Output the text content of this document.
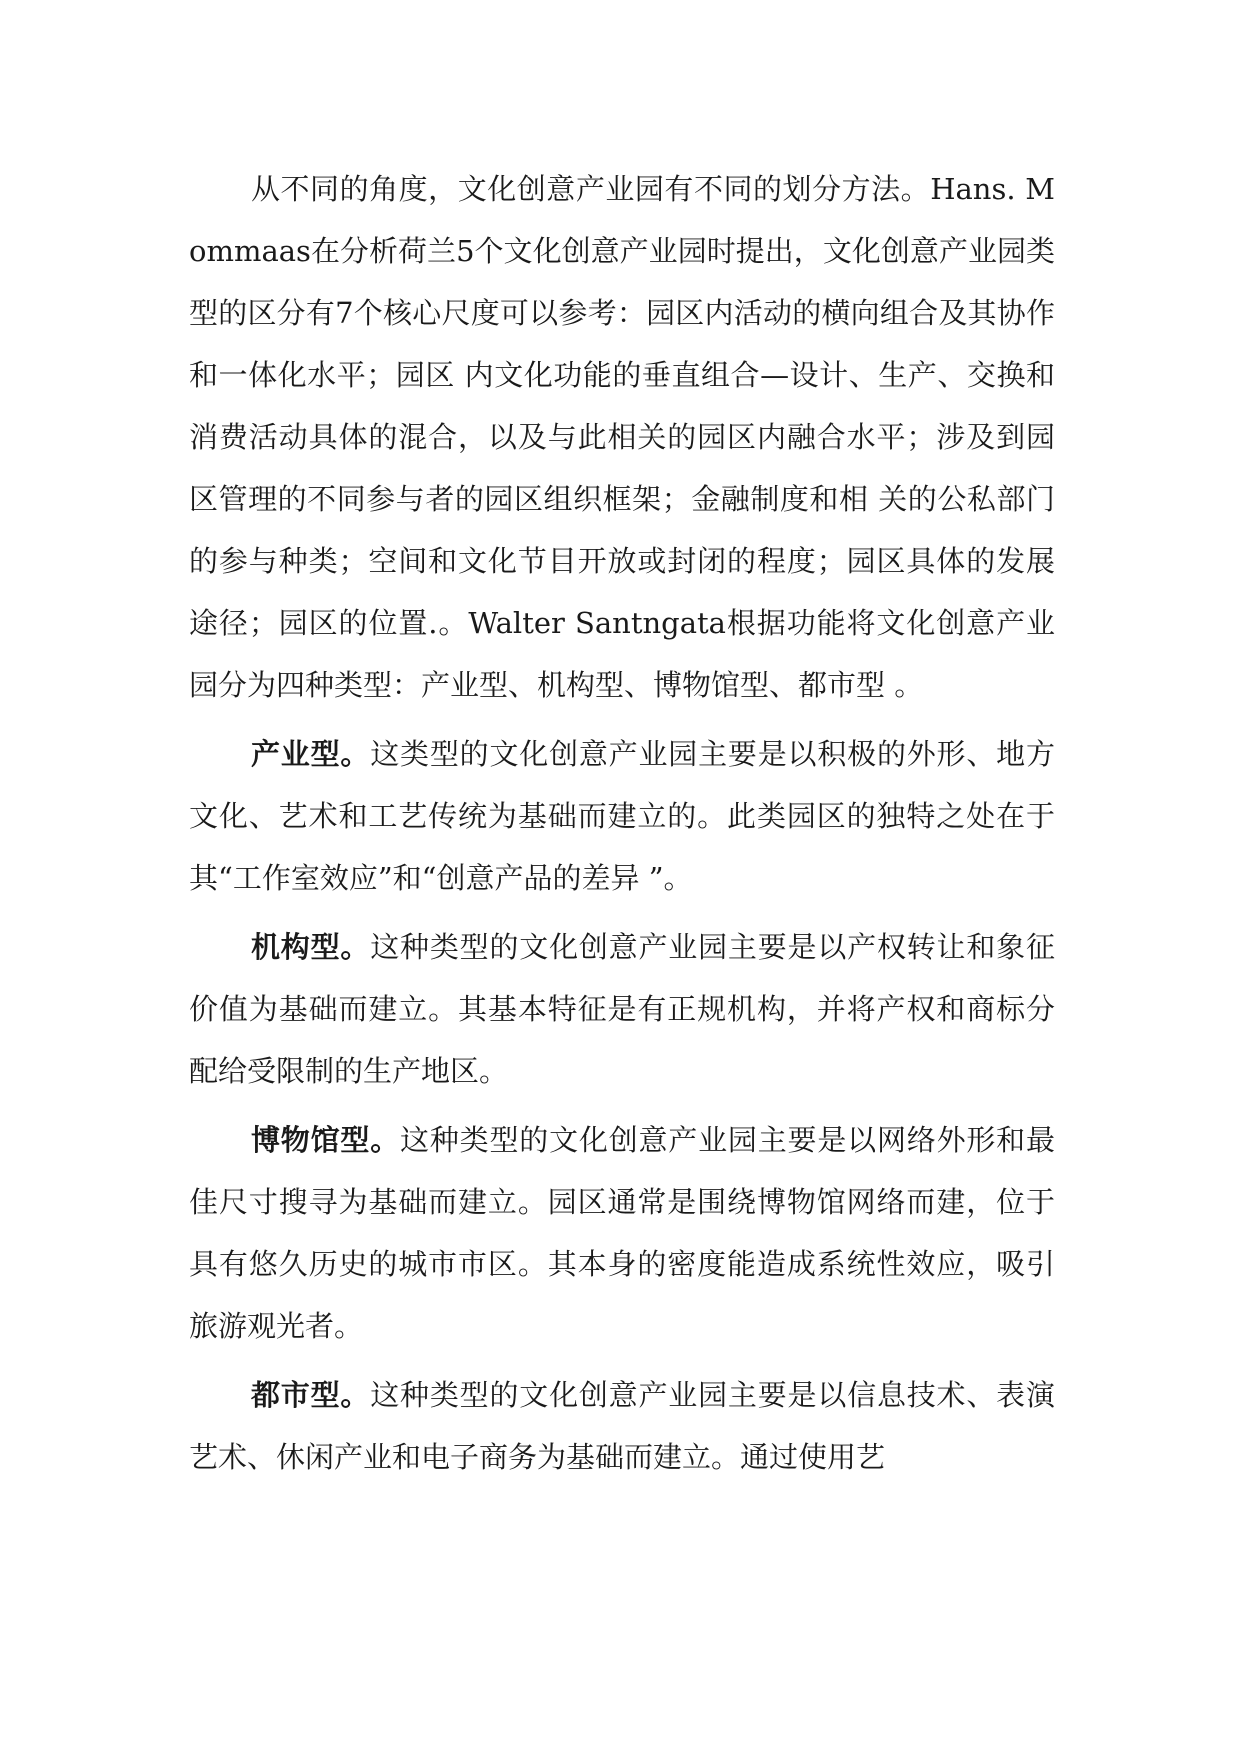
从不同的角度，文化创意产业园有不同的划分方法。Hans. Mommaas在分析荷兰5个文化创意产业园时提出，文化创意产业园类型的区分有7个核心尺度可以参考：园区内活动的横向组合及其协作和一体化水平；园区 内文化功能的垂直组合—设计、生产、交换和消费活动具体的混合，以及与此相关的园区内融合水平；涉及到园区管理的不同参与者的园区组织框架；金融制度和相 关的公私部门的参与种类；空间和文化节目开放或封闭的程度；园区具体的发展途径；园区的位置.。Walter Santngata根据功能将文化创意产业园分为四种类型：产业型、机构型、博物馆型、都市型 。

产业型。这类型的文化创意产业园主要是以积极的外形、地方文化、艺术和工艺传统为基础而建立的。此类园区的独特之处在于其“工作室效应”和“创意产品的差异 ”。

机构型。这种类型的文化创意产业园主要是以产权转让和象征价值为基础而建立。其基本特征是有正规机构，并将产权和商标分配给受限制的生产地区。

博物馆型。这种类型的文化创意产业园主要是以网络外形和最佳尺寸搜寻为基础而建立。园区通常是围绕博物馆网络而建，位于具有悠久历史的城市市区。其本身的密度能造成系统性效应，吸引旅游观光者。

都市型。这种类型的文化创意产业园主要是以信息技术、表演艺术、休闲产业和电子商务为基础而建立。通过使用艺
